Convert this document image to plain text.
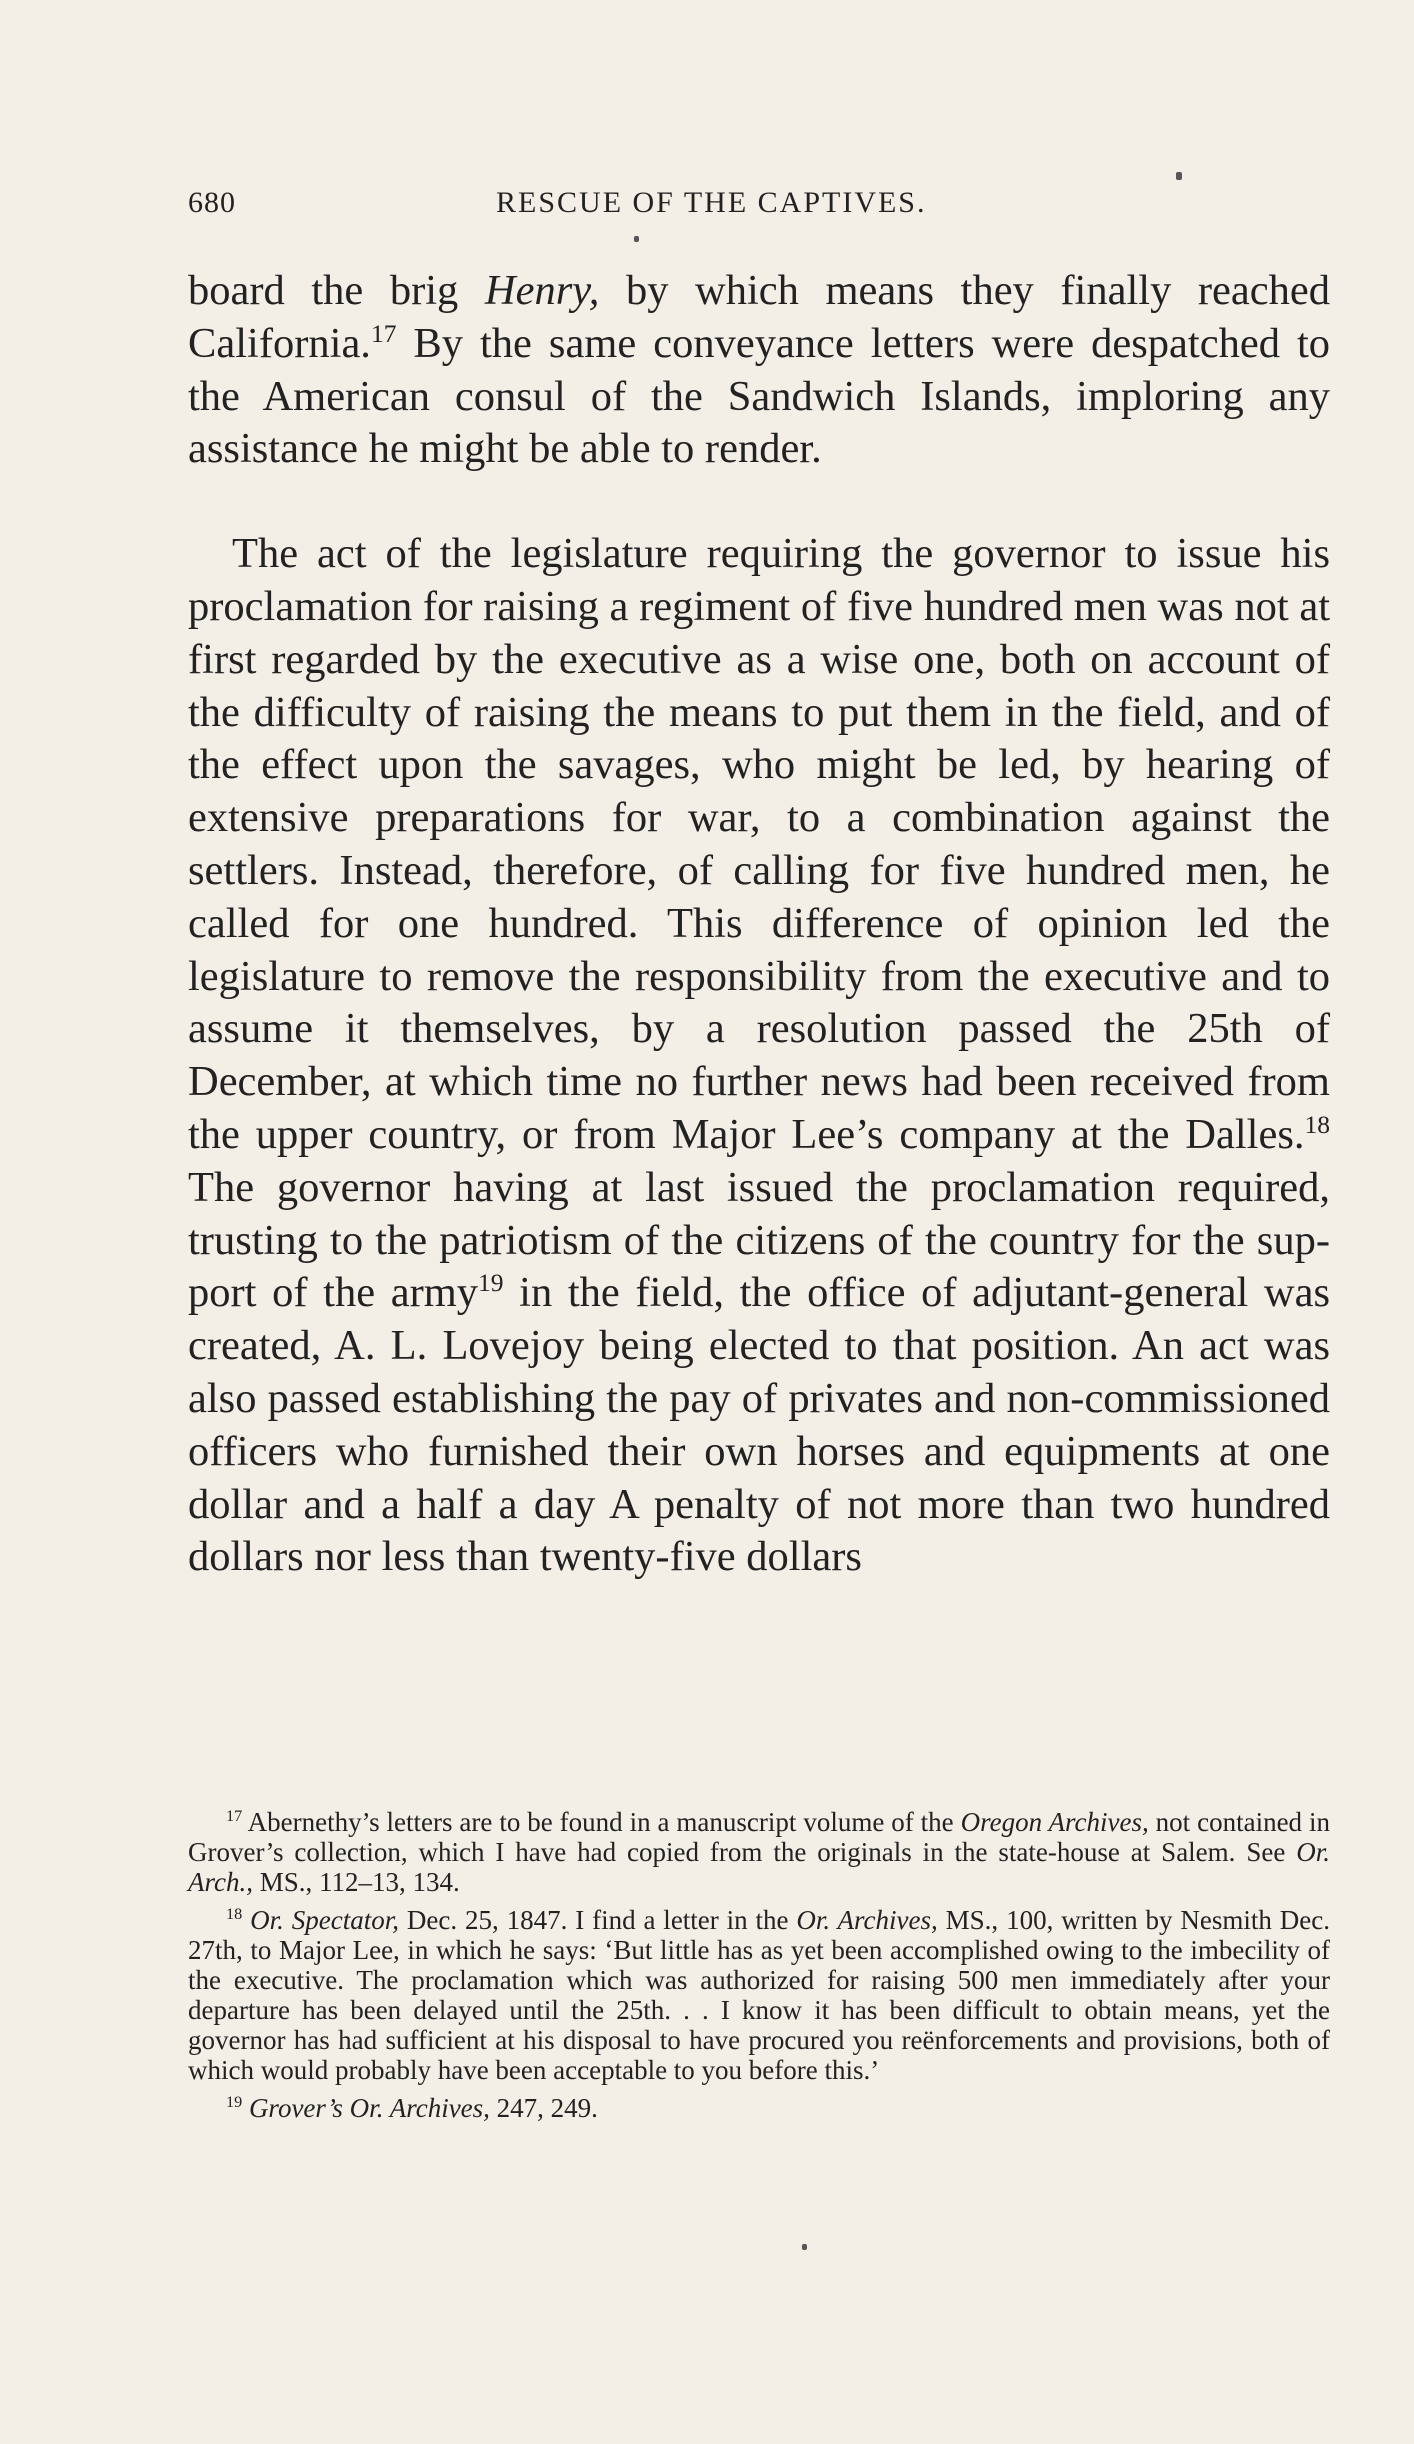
680	RESCUE OF THE CAPTIVES.

board the brig Henry, by which means they finally reached California.$^{17}$ By the same conveyance letters were despatched to the American consul of the Sandwich Islands, imploring any assistance he might be able to render.

The act of the legislature requiring the governor to issue his proclamation for raising a regiment of five hundred men was not at first regarded by the executive as a wise one, both on account of the difficulty of raising the means to put them in the field, and of the effect upon the savages, who might be led, by hearing of extensive preparations for war, to a combination against the settlers. Instead, therefore, of calling for five hundred men, he called for one hundred. This difference of opinion led the legislature to remove the responsibility from the executive and to assume it themselves, by a resolution passed the 25th of December, at which time no further news had been received from the upper country, or from Major Lee’s company at the Dalles.$^{18}$ The governor having at last issued the proclamation required, trusting to the patriotism of the citizens of the country for the support of the army$^{19}$ in the field, the office of adjutant-general was created, A. L. Lovejoy being elected to that position. An act was also passed establishing the pay of privates and non-commissioned officers who furnished their own horses and equipments at one dollar and a half a day A penalty of not more than two hundred dollars nor less than twenty-five dollars

$^{17}$ Abernethy’s letters are to be found in a manuscript volume of the Oregon Archives, not contained in Grover’s collection, which I have had copied from the originals in the state-house at Salem. See Or. Arch., MS., 112–13, 134.

$^{18}$ Or. Spectator, Dec. 25, 1847. I find a letter in the Or. Archives, MS., 100, written by Nesmith Dec. 27th, to Major Lee, in which he says: ‘But little has as yet been accomplished owing to the imbecility of the executive. The proclamation which was authorized for raising 500 men immediately after your departure has been delayed until the 25th. . . I know it has been difficult to obtain means, yet the governor has had sufficient at his disposal to have procured you reënforcements and provisions, both of which would probably have been acceptable to you before this.’

$^{19}$ Grover’s Or. Archives, 247, 249.
